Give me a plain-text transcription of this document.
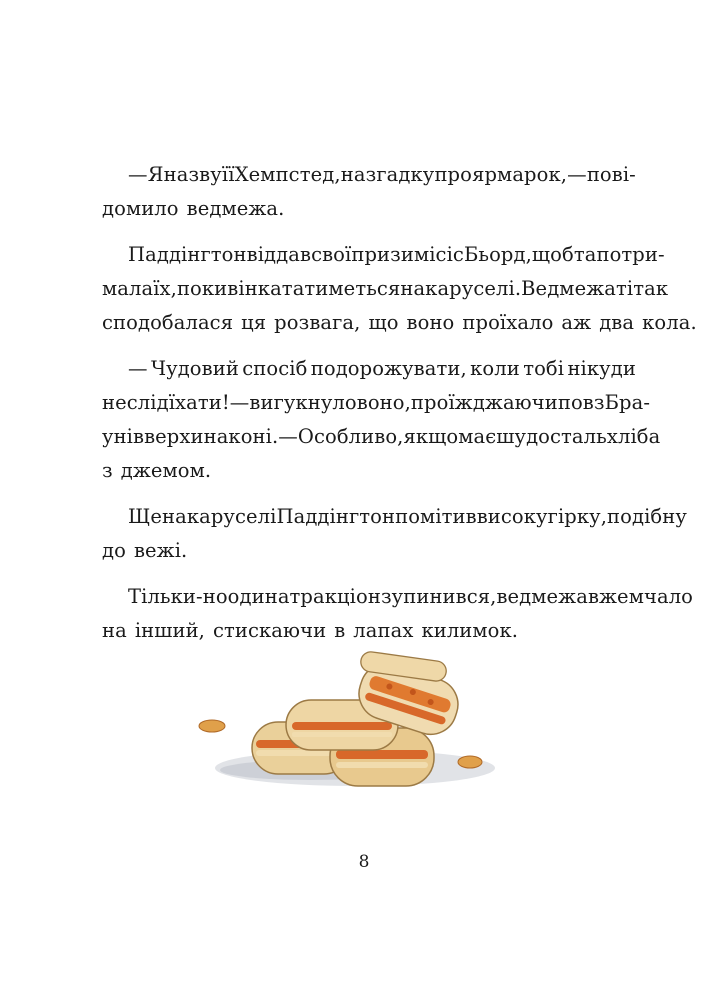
— Я назву її Хемпстед, на згадку про ярмарок, — пові-
домило ведмежа.
Паддінгтон віддав свої призи місіс Бьорд, щоб та потри-
мала їх, поки він кататиметься на каруселі. Ведмежаті так
сподобалася ця розвага, що воно проїхало аж два кола.
— Чудовий спосіб подорожувати, коли тобі нікуди
не слід їхати! — вигукнуло воно, проїжджаючи повз Бра-
унів верхи на коні. — Особливо, якщо маєш удосталь хліба
з джемом.
Ще на каруселі Паддінгтон помітив високу гірку, подібну
до вежі.
Тільки-но один атракціон зупинився, ведмежа вже мчало
на інший, стискаючи в лапах килимок.
8
